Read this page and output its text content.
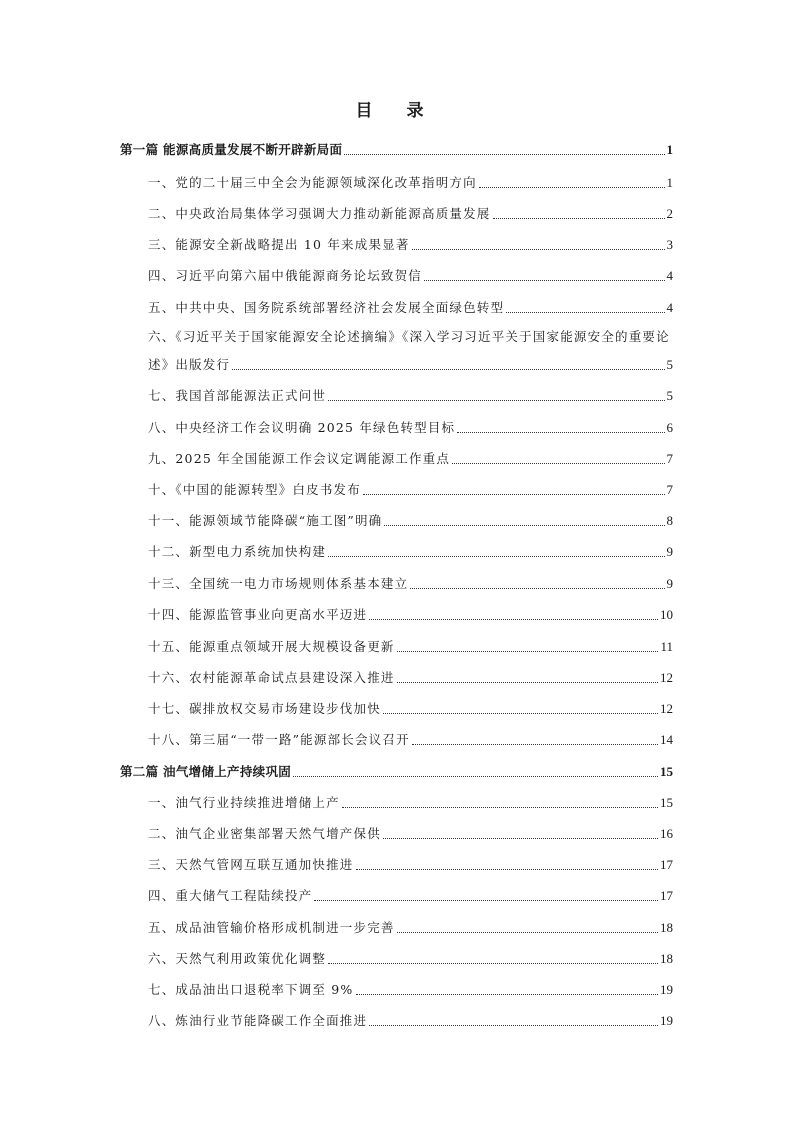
目 录
第一篇 能源高质量发展不断开辟新局面	1
一、党的二十届三中全会为能源领域深化改革指明方向	1
二、中央政治局集体学习强调大力推动新能源高质量发展	2
三、能源安全新战略提出 10 年来成果显著	3
四、习近平向第六届中俄能源商务论坛致贺信	4
五、中共中央、国务院系统部署经济社会发展全面绿色转型	4
六、《习近平关于国家能源安全论述摘编》《深入学习习近平关于国家能源安全的重要论
述》出版发行	5
七、我国首部能源法正式问世	5
八、中央经济工作会议明确 2025 年绿色转型目标	6
九、2025 年全国能源工作会议定调能源工作重点	7
十、《中国的能源转型》白皮书发布	7
十一、能源领域节能降碳“施工图”明确	8
十二、新型电力系统加快构建	9
十三、全国统一电力市场规则体系基本建立	9
十四、能源监管事业向更高水平迈进	10
十五、能源重点领域开展大规模设备更新	11
十六、农村能源革命试点县建设深入推进	12
十七、碳排放权交易市场建设步伐加快	12
十八、第三届“一带一路”能源部长会议召开	14
第二篇 油气增储上产持续巩固	15
一、油气行业持续推进增储上产	15
二、油气企业密集部署天然气增产保供	16
三、天然气管网互联互通加快推进	17
四、重大储气工程陆续投产	17
五、成品油管输价格形成机制进一步完善	18
六、天然气利用政策优化调整	18
七、成品油出口退税率下调至 9%	19
八、炼油行业节能降碳工作全面推进	19
